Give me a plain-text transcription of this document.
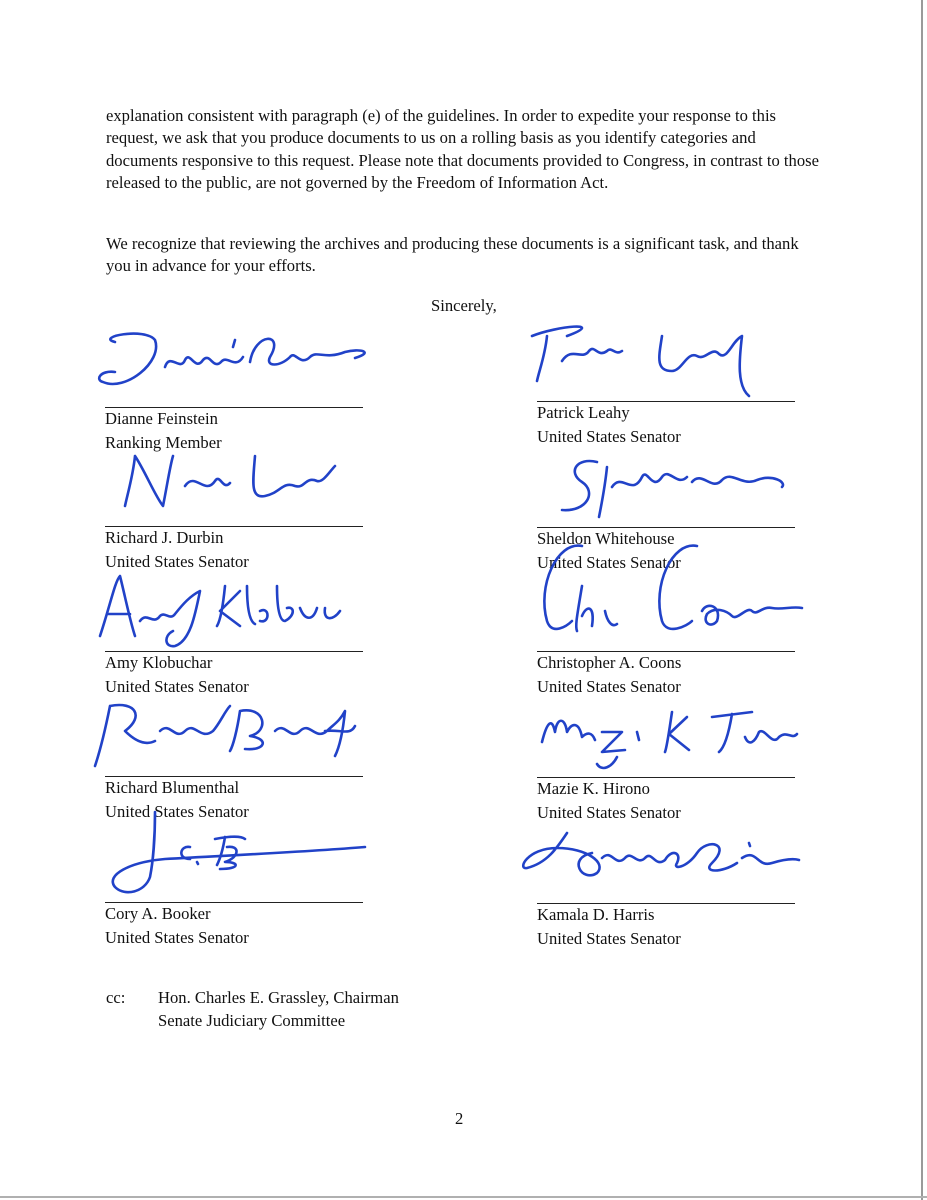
explanation consistent with paragraph (e) of the guidelines. In order to expedite your response to this request, we ask that you produce documents to us on a rolling basis as you identify categories and documents responsive to this request. Please note that documents provided to Congress, in contrast to those released to the public, are not governed by the Freedom of Information Act.

We recognize that reviewing the archives and producing these documents is a significant task, and thank you in advance for your efforts.

Sincerely,

Dianne Feinstein
Ranking Member
Patrick Leahy
United States Senator
Richard J. Durbin
United States Senator
Sheldon Whitehouse
United States Senator
Amy Klobuchar
United States Senator
Christopher A. Coons
United States Senator
Richard Blumenthal
United States Senator
Mazie K. Hirono
United States Senator
Cory A. Booker
United States Senator
Kamala D. Harris
United States Senator
cc: Hon. Charles E. Grassley, Chairman
Senate Judiciary Committee
2
